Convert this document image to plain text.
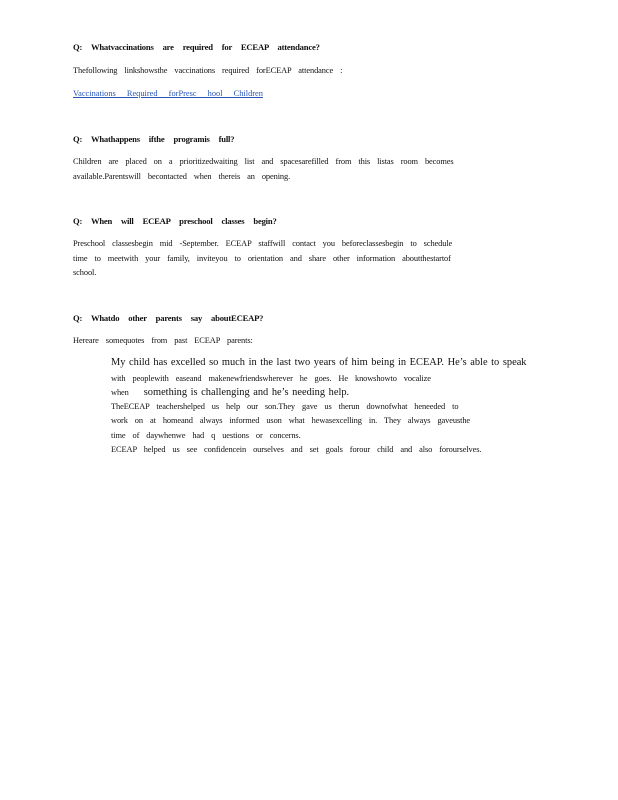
Q: Whatvaccinations are required for ECEAP attendance?
Thefollowing linkshowsthe vaccinations required forECEAP attendance :
Vaccinations Required forPresc hool Children
Q: Whathappens ifthe programis full?
Children are placed on a prioritizedwaiting list and spacesarefilled from this listas room becomes
available.Parentswill becontacted when thereis an opening.
Q: When will ECEAP preschool classes begin?
Preschool classesbegin mid -September. ECEAP staffwill contact you beforeclassesbegin to schedule
time to meetwith your family, inviteyou to orientation and share other information aboutthestartof
school.
Q: Whatdo other parents say aboutECEAP?
Hereare somequotes from past ECEAP parents:
My child has excelled so much in the last two years of him being in ECEAP. He’s able to speak
with peoplewith easeand makenewfriendswherever he goes. He knowshowto vocalize
when something is challenging and he’s needing help.
TheECEAP teachershelped us help our son.They gave us therun downofwhat heneeded to
work on at homeand always informed uson what hewasexcelling in. They always gaveusthe
time of daywhenwe had q uestions or concerns.
ECEAP helped us see confidencein ourselves and set goals forour child and also forourselves.
